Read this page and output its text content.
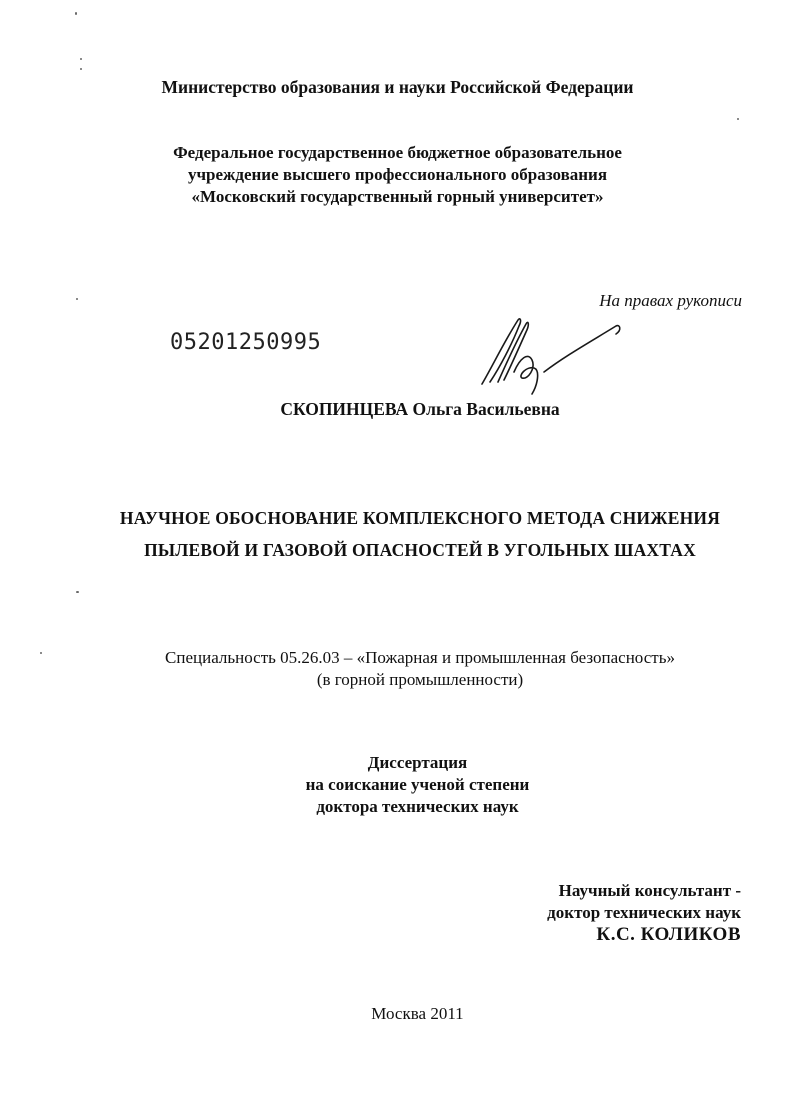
Министерство образования и науки Российской Федерации
Федеральное государственное бюджетное образовательное
учреждение высшего профессионального образования
«Московский государственный горный университет»
На правах рукописи
05201250995
СКОПИНЦЕВА Ольга Васильевна
НАУЧНОЕ ОБОСНОВАНИЕ КОМПЛЕКСНОГО МЕТОДА СНИЖЕНИЯ
ПЫЛЕВОЙ И ГАЗОВОЙ ОПАСНОСТЕЙ В УГОЛЬНЫХ ШАХТАХ
Специальность 05.26.03 – «Пожарная и промышленная безопасность»
(в горной промышленности)
Диссертация
на соискание ученой степени
доктора технических наук
Научный консультант -
доктор технических наук
К.С. КОЛИКОВ
Москва 2011
